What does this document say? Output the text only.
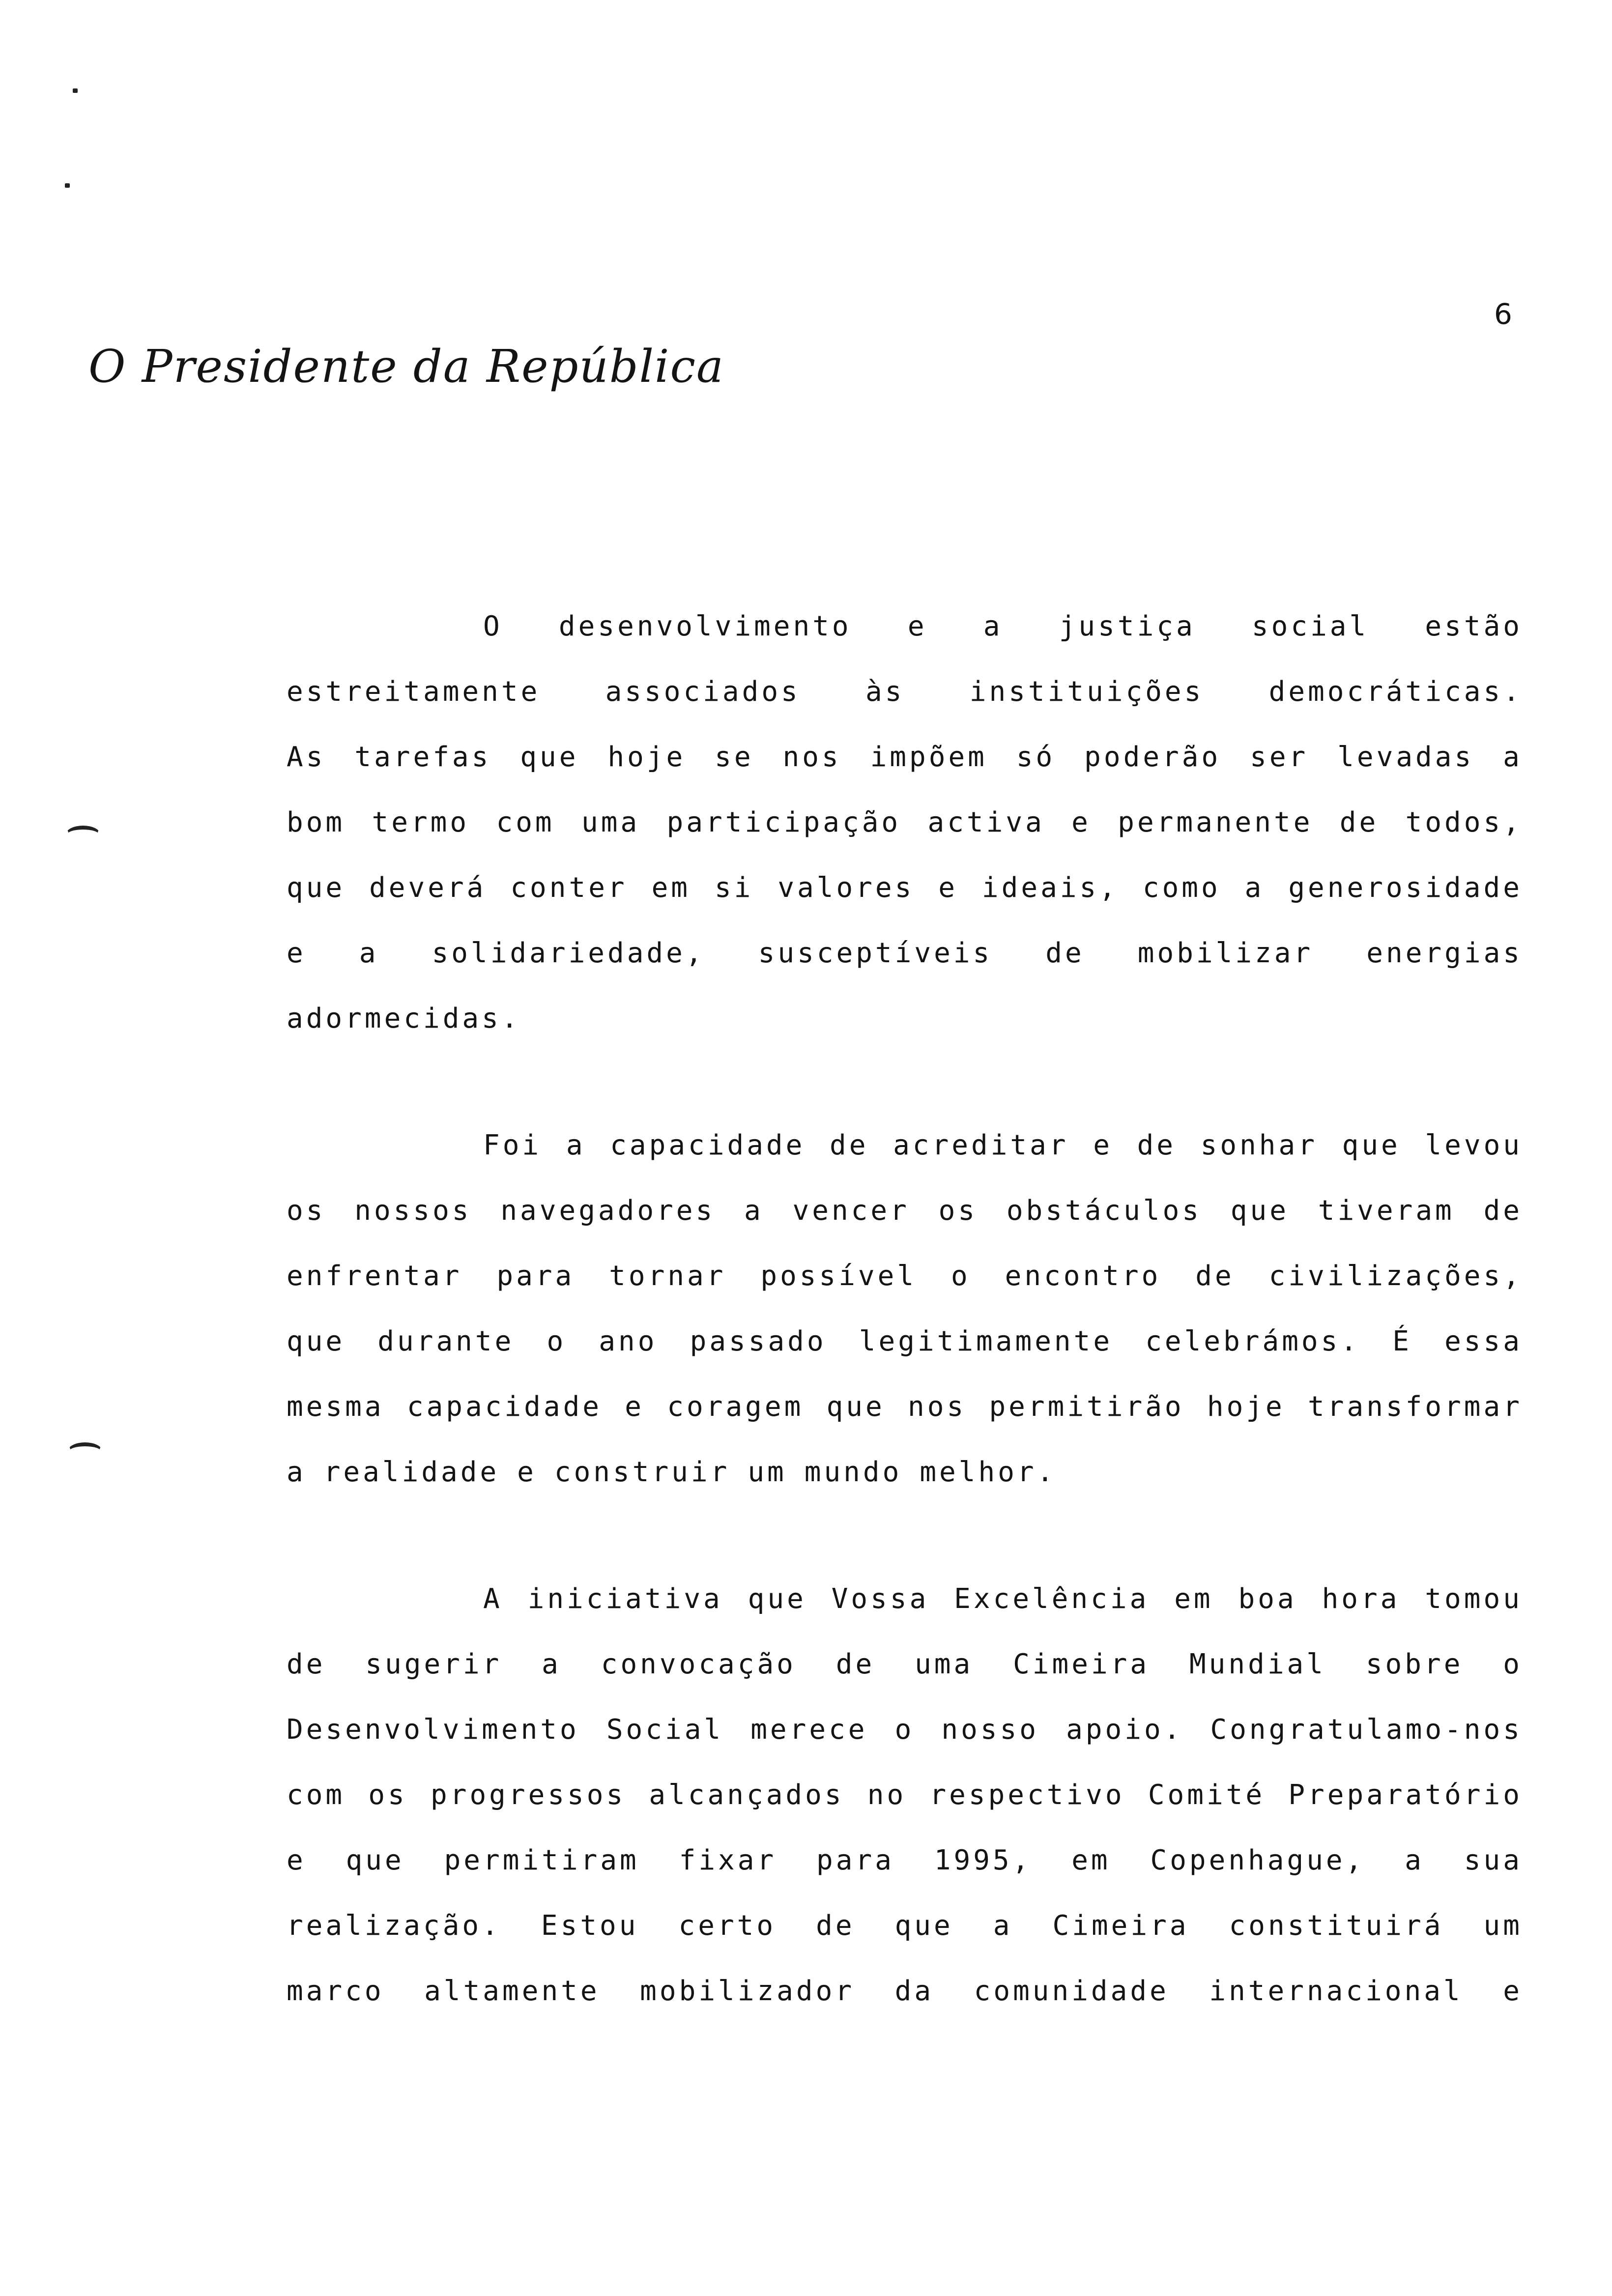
6
O Presidente da República
O desenvolvimento e a justiça social estão
estreitamente associados às instituições democráticas.
As tarefas que hoje se nos impõem só poderão ser levadas a
bom termo com uma participação activa e permanente de todos,
que deverá conter em si valores e ideais, como a generosidade
e a solidariedade, susceptíveis de mobilizar energias
adormecidas.
Foi a capacidade de acreditar e de sonhar que levou
os nossos navegadores a vencer os obstáculos que tiveram de
enfrentar para tornar possível o encontro de civilizações,
que durante o ano passado legitimamente celebrámos. É essa
mesma capacidade e coragem que nos permitirão hoje transformar
a realidade e construir um mundo melhor.
A iniciativa que Vossa Excelência em boa hora tomou
de sugerir a convocação de uma Cimeira Mundial sobre o
Desenvolvimento Social merece o nosso apoio. Congratulamo-nos
com os progressos alcançados no respectivo Comité Preparatório
e que permitiram fixar para 1995, em Copenhague, a sua
realização. Estou certo de que a Cimeira constituirá um
marco altamente mobilizador da comunidade internacional e
